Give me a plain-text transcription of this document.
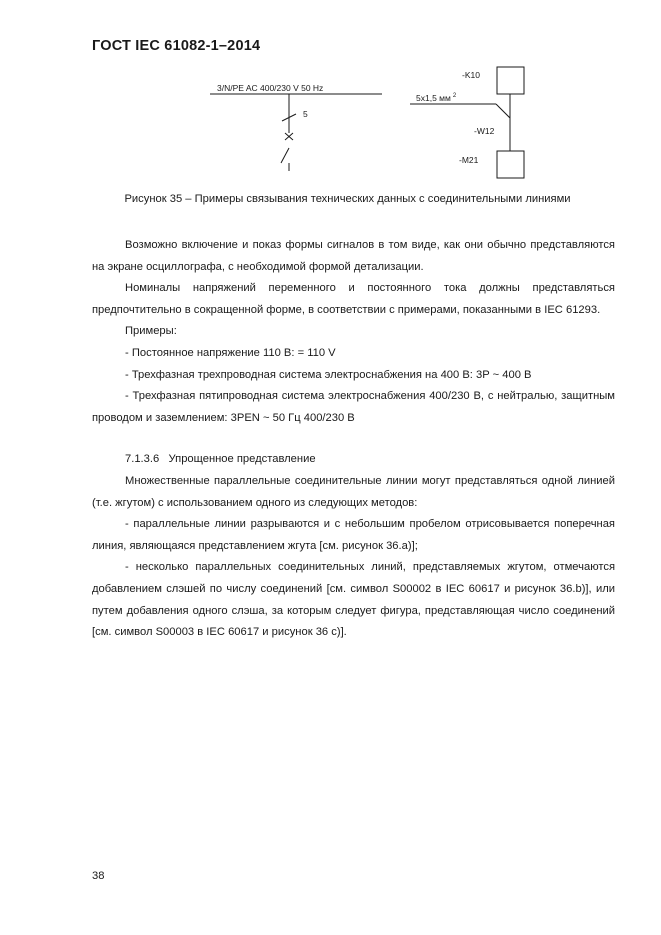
ГОСТ IEC 61082-1–2014
3/N/PE AC 400/230 V 50 Hz
5
-K10
5x1,5 мм $^2$
-W12
-M21
Рисунок 35 – Примеры связывания технических данных с соединительными линиями

Возможно включение и показ формы сигналов в том виде, как они обычно представляются на экране осциллографа, с необходимой формой детализации.

Номиналы напряжений переменного и постоянного тока должны представляться предпочтительно в сокращенной форме, в соответствии с примерами, показанными в IEC 61293.

Примеры:

- Постоянное напряжение 110 В: = 110 V

- Трехфазная трехпроводная система электроснабжения на 400 В: 3P ~ 400 В

- Трехфазная пятипроводная система электроснабжения 400/230 В, с нейтралью, защитным проводом и заземлением: 3PEN ~ 50 Гц 400/230 В

7.1.3.6 Упрощенное представление

Множественные параллельные соединительные линии могут представляться одной линией (т.е. жгутом) с использованием одного из следующих методов:

- параллельные линии разрываются и с небольшим пробелом отрисовывается поперечная линия, являющаяся представлением жгута [см. рисунок 36.а)];

- несколько параллельных соединительных линий, представляемых жгутом, отмечаются добавлением слэшей по числу соединений [см. символ S00002 в IEC 60617 и рисунок 36.b)], или путем добавления одного слэша, за которым следует фигура, представляющая число соединений [см. символ S00003 в IEC 60617 и рисунок 36 c)].

38
